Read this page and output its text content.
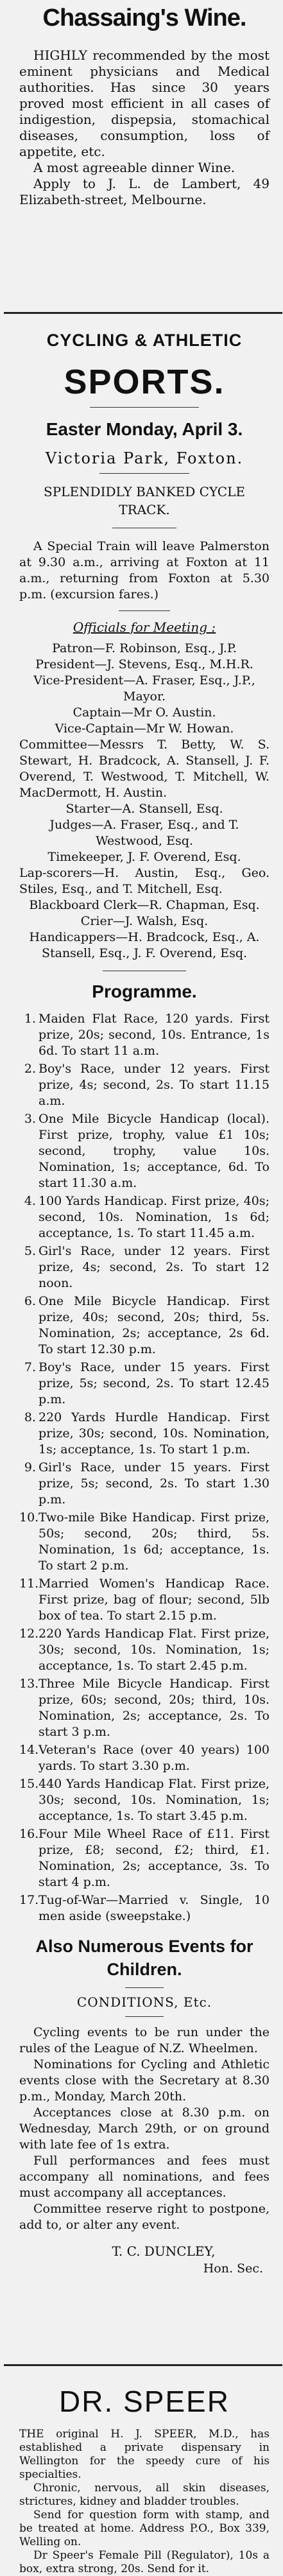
Chassaing's Wine.

HIGHLY recommended by the most eminent physicians and Medical authorities. Has since 30 years proved most efficient in all cases of indigestion, dispepsia, stomachical diseases, consumption, loss of appetite, etc.

A most agreeable dinner Wine.

Apply to J. L. de Lambert, 49 Elizabeth-street, Melbourne.

CYCLING & ATHLETIC
SPORTS.
Easter Monday, April 3.

Victoria Park, Foxton.

SPLENDIDLY BANKED CYCLE TRACK.

A Special Train will leave Palmerston at 9.30 a.m., arriving at Foxton at 11 a.m., returning from Foxton at 5.30 p.m. (excursion fares.)

Officials for Meeting :

Patron—F. Robinson, Esq., J.P.

President—J. Stevens, Esq., M.H.R.

Vice-President—A. Fraser, Esq., J.P., Mayor.

Captain—Mr O. Austin.

Vice-Captain—Mr W. Howan.

Committee—Messrs T. Betty, W. S. Stewart, H. Bradcock, A. Stansell, J. F. Overend, T. Westwood, T. Mitchell, W. MacDermott, H. Austin.

Starter—A. Stansell, Esq.

Judges—A. Fraser, Esq., and T. Westwood, Esq.

Timekeeper, J. F. Overend, Esq.

Lap-scorers—H. Austin, Esq., Geo. Stiles, Esq., and T. Mitchell, Esq.

Blackboard Clerk—R. Chapman, Esq.

Crier—J. Walsh, Esq.

Handicappers—H. Bradcock, Esq., A. Stansell, Esq., J. F. Overend, Esq.

Programme.
1. Maiden Flat Race, 120 yards. First prize, 20s; second, 10s. Entrance, 1s 6d. To start 11 a.m.
2. Boy's Race, under 12 years. First prize, 4s; second, 2s. To start 11.15 a.m.
3. One Mile Bicycle Handicap (local). First prize, trophy, value £1 10s; second, trophy, value 10s. Nomination, 1s; acceptance, 6d. To start 11.30 a.m.
4. 100 Yards Handicap. First prize, 40s; second, 10s. Nomination, 1s 6d; acceptance, 1s. To start 11.45 a.m.
5. Girl's Race, under 12 years. First prize, 4s; second, 2s. To start 12 noon.
6. One Mile Bicycle Handicap. First prize, 40s; second, 20s; third, 5s. Nomination, 2s; acceptance, 2s 6d. To start 12.30 p.m.
7. Boy's Race, under 15 years. First prize, 5s; second, 2s. To start 12.45 p.m.
8. 220 Yards Hurdle Handicap. First prize, 30s; second, 10s. Nomination, 1s; acceptance, 1s. To start 1 p.m.
9. Girl's Race, under 15 years. First prize, 5s; second, 2s. To start 1.30 p.m.
10. Two-mile Bike Handicap. First prize, 50s; second, 20s; third, 5s. Nomination, 1s 6d; acceptance, 1s. To start 2 p.m.
11. Married Women's Handicap Race. First prize, bag of flour; second, 5lb box of tea. To start 2.15 p.m.
12. 220 Yards Handicap Flat. First prize, 30s; second, 10s. Nomination, 1s; acceptance, 1s. To start 2.45 p.m.
13. Three Mile Bicycle Handicap. First prize, 60s; second, 20s; third, 10s. Nomination, 2s; acceptance, 2s. To start 3 p.m.
14. Veteran's Race (over 40 years) 100 yards. To start 3.30 p.m.
15. 440 Yards Handicap Flat. First prize, 30s; second, 10s. Nomination, 1s; acceptance, 1s. To start 3.45 p.m.
16. Four Mile Wheel Race of £11. First prize, £8; second, £2; third, £1. Nomination, 2s; acceptance, 3s. To start 4 p.m.
17. Tug-of-War—Married v. Single, 10 men aside (sweepstake.)
Also Numerous Events for Children.

CONDITIONS, Etc.

Cycling events to be run under the rules of the League of N.Z. Wheelmen.

Nominations for Cycling and Athletic events close with the Secretary at 8.30 p.m., Monday, March 20th.

Acceptances close at 8.30 p.m. on Wednesday, March 29th, or on ground with late fee of 1s extra.

Full performances and fees must accompany all nominations, and fees must accompany all acceptances.

Committee reserve right to postpone, add to, or alter any event.

T. C. DUNCLEY,

Hon. Sec.

DR. SPEER

THE original H. J. SPEER, M.D., has established a private dispensary in Wellington for the speedy cure of his specialties.

Chronic, nervous, all skin diseases, strictures, kidney and bladder troubles.

Send for question form with stamp, and be treated at home. Address P.O., Box 339, Welling on.

Dr Speer's Female Pill (Regulator), 10s a box, extra strong, 20s. Send for it.
